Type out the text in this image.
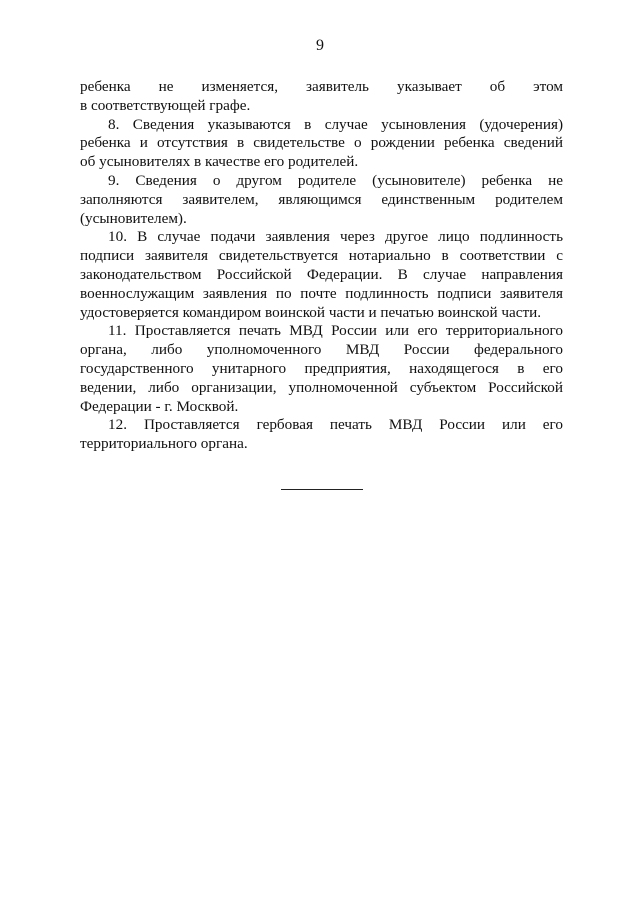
9

ребенка не изменяется, заявитель указывает об этом
в соответствующей графе.

8. Сведения указываются в случае усыновления (удочерения)
ребенка и отсутствия в свидетельстве о рождении ребенка сведений
об усыновителях в качестве его родителей.

9. Сведения о другом родителе (усыновителе) ребенка не
заполняются заявителем, являющимся единственным родителем
(усыновителем).

10. В случае подачи заявления через другое лицо подлинность
подписи заявителя свидетельствуется нотариально в соответствии с
законодательством Российской Федерации. В случае направления
военнослужащим заявления по почте подлинность подписи заявителя
удостоверяется командиром воинской части и печатью воинской части.

11. Проставляется печать МВД России или его территориального
органа, либо уполномоченного МВД России федерального
государственного унитарного предприятия, находящегося в его
ведении, либо организации, уполномоченной субъектом Российской
Федерации - г. Москвой.

12. Проставляется гербовая печать МВД России или его
территориального органа.
